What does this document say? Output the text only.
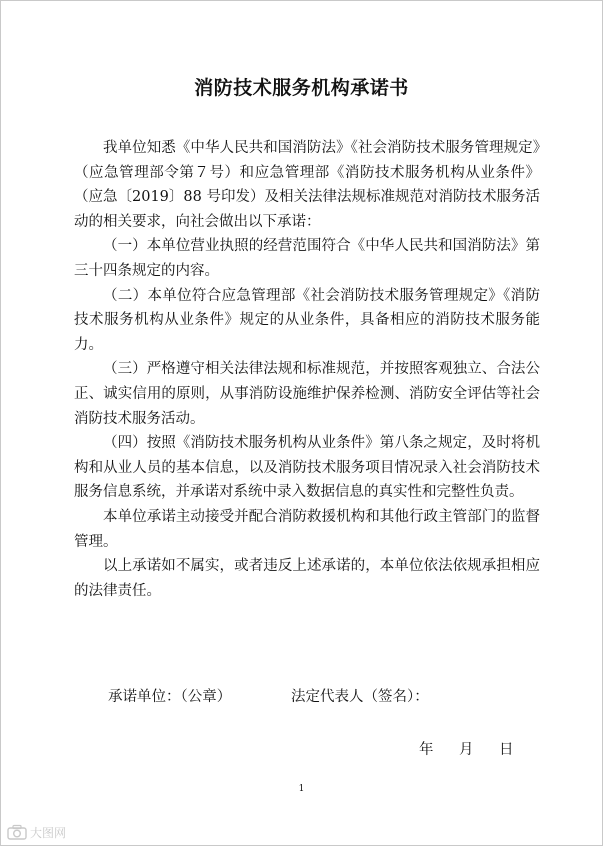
消防技术服务机构承诺书

我单位知悉《中华人民共和国消防法》《社会消防技术服务管理规定》（应急管理部令第７号）和应急管理部《消防技术服务机构从业条件》（应急〔2019〕88 号印发）及相关法律法规标准规范对消防技术服务活动的相关要求，向社会做出以下承诺：

（一）本单位营业执照的经营范围符合《中华人民共和国消防法》第三十四条规定的内容。

（二）本单位符合应急管理部《社会消防技术服务管理规定》《消防技术服务机构从业条件》规定的从业条件，具备相应的消防技术服务能力。

（三）严格遵守相关法律法规和标准规范，并按照客观独立、合法公正、诚实信用的原则，从事消防设施维护保养检测、消防安全评估等社会消防技术服务活动。

（四）按照《消防技术服务机构从业条件》第八条之规定，及时将机构和从业人员的基本信息，以及消防技术服务项目情况录入社会消防技术服务信息系统，并承诺对系统中录入数据信息的真实性和完整性负责。

本单位承诺主动接受并配合消防救援机构和其他行政主管部门的监督管理。

以上承诺如不属实，或者违反上述承诺的，本单位依法依规承担相应的法律责任。

承诺单位：（公章）	法定代表人（签名）：
年 月 日
1
大图网
